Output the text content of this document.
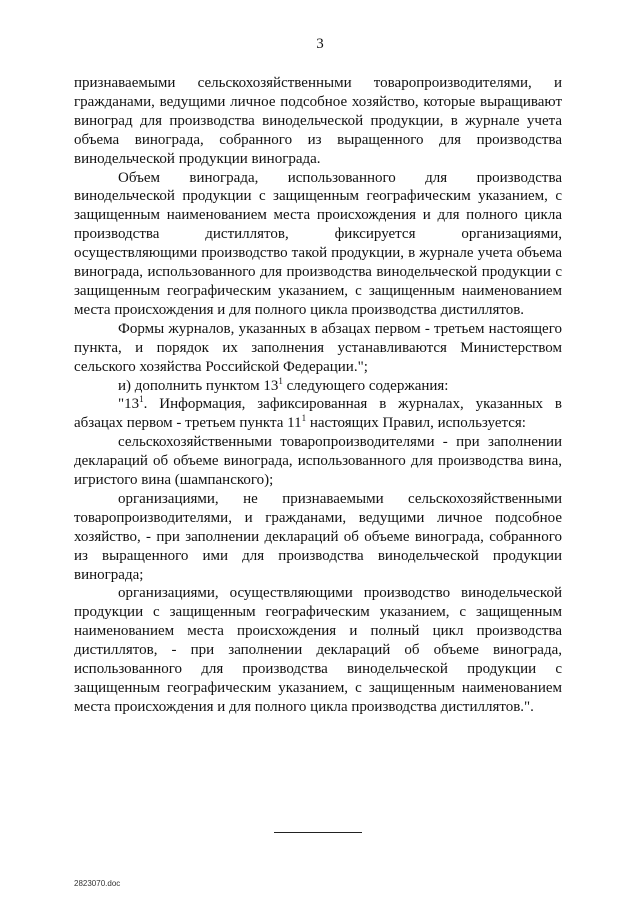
3

признаваемыми сельскохозяйственными товаропроизводителями, и гражданами, ведущими личное подсобное хозяйство, которые выращивают виноград для производства винодельческой продукции, в журнале учета объема винограда, собранного из выращенного для производства винодельческой продукции винограда.

Объем винограда, использованного для производства винодельческой продукции с защищенным географическим указанием, с защищенным наименованием места происхождения и для полного цикла производства дистиллятов, фиксируется организациями, осуществляющими производство такой продукции, в журнале учета объема винограда, использованного для производства винодельческой продукции с защищенным географическим указанием, с защищенным наименованием места происхождения и для полного цикла производства дистиллятов.

Формы журналов, указанных в абзацах первом - третьем настоящего пункта, и порядок их заполнения устанавливаются Министерством сельского хозяйства Российской Федерации.";

и) дополнить пунктом $13^1$ следующего содержания:

"$13^1$. Информация, зафиксированная в журналах, указанных в абзацах первом - третьем пункта $11^1$ настоящих Правил, используется:

сельскохозяйственными товаропроизводителями - при заполнении деклараций об объеме винограда, использованного для производства вина, игристого вина (шампанского);

организациями, не признаваемыми сельскохозяйственными товаропроизводителями, и гражданами, ведущими личное подсобное хозяйство, - при заполнении деклараций об объеме винограда, собранного из выращенного ими для производства винодельческой продукции винограда;

организациями, осуществляющими производство винодельческой продукции с защищенным географическим указанием, с защищенным наименованием места происхождения и полный цикл производства дистиллятов, - при заполнении деклараций об объеме винограда, использованного для производства винодельческой продукции с защищенным географическим указанием, с защищенным наименованием места происхождения и для полного цикла производства дистиллятов.".

2823070.doc
